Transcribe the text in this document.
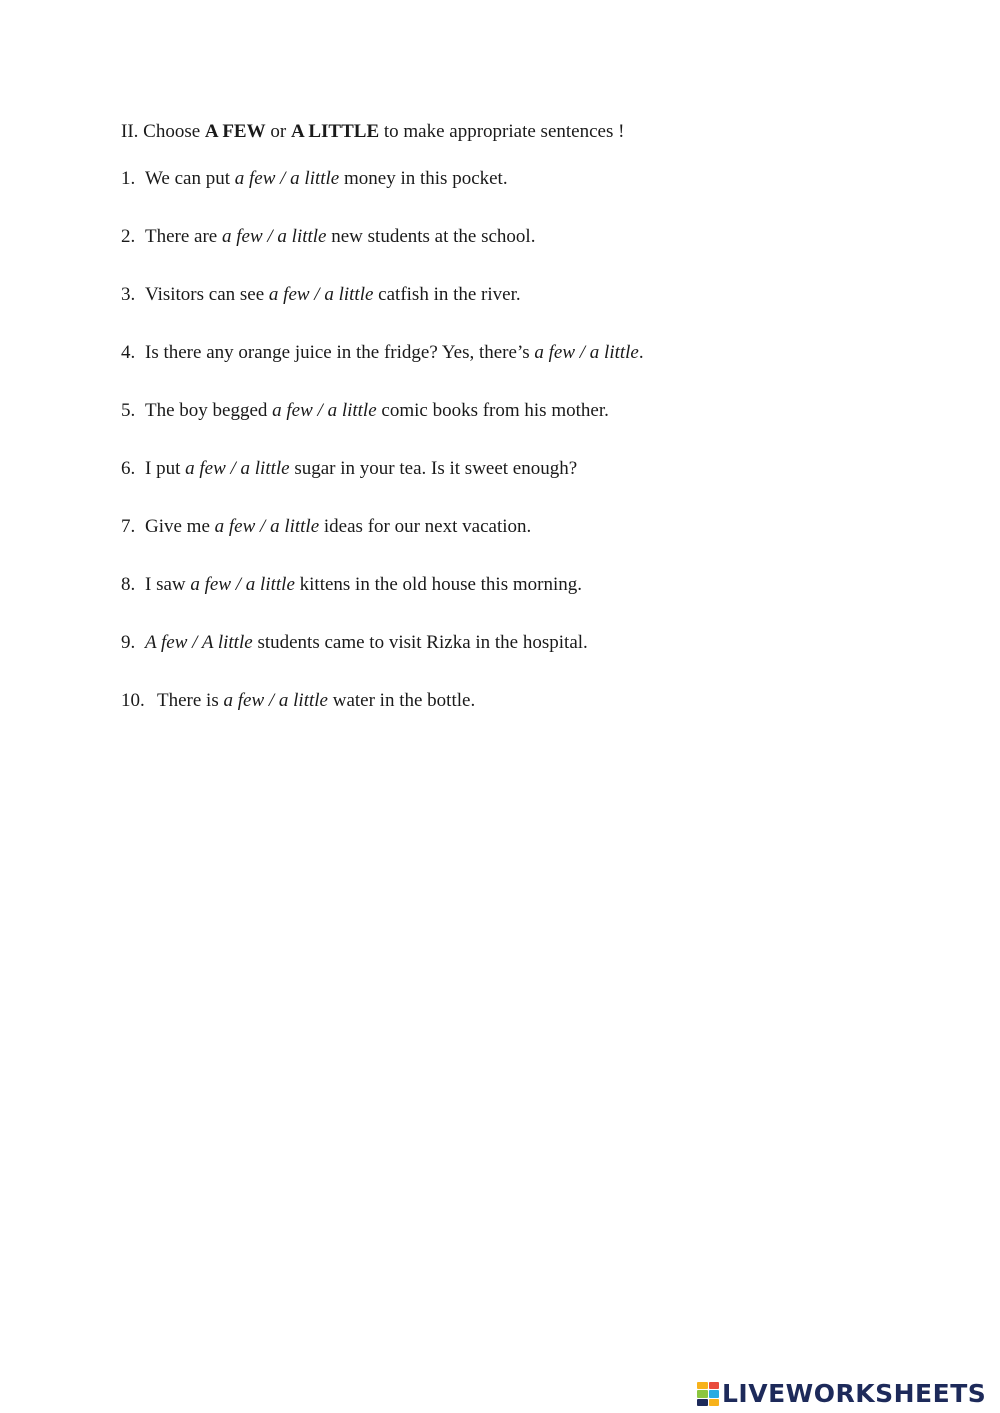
II. Choose A FEW or A LITTLE to make appropriate sentences !
1. We can put a few / a little money in this pocket.
2. There are a few / a little new students at the school.
3. Visitors can see a few / a little catfish in the river.
4. Is there any orange juice in the fridge? Yes, there’s a few / a little.
5. The boy begged a few / a little comic books from his mother.
6. I put a few / a little sugar in your tea. Is it sweet enough?
7. Give me a few / a little ideas for our next vacation.
8. I saw a few / a little kittens in the old house this morning.
9. A few / A little students came to visit Rizka in the hospital.
10. There is a few / a little water in the bottle.
LIVEWORKSHEETS
